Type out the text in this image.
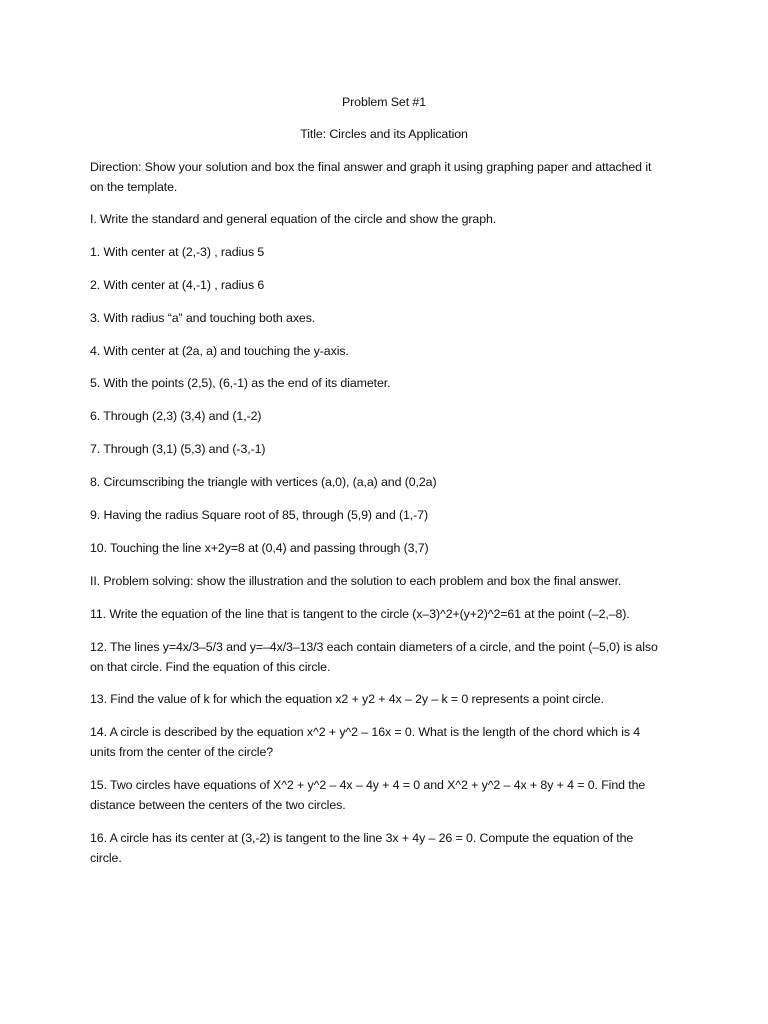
Problem Set #1
Title: Circles and its Application
Direction: Show your solution and box the final answer and graph it using graphing paper and attached it on the template.
I. Write the standard and general equation of the circle and show the graph.
1. With center at (2,-3) , radius 5
2. With center at (4,-1) , radius 6
3. With radius “a” and touching both axes.
4. With center at (2a, a) and touching the y-axis.
5. With the points (2,5), (6,-1) as the end of its diameter.
6. Through (2,3) (3,4) and (1,-2)
7. Through (3,1) (5,3) and (-3,-1)
8. Circumscribing the triangle with vertices (a,0), (a,a) and (0,2a)
9. Having the radius Square root of 85, through (5,9) and (1,-7)
10. Touching the line x+2y=8 at (0,4) and passing through (3,7)
II. Problem solving: show the illustration and the solution to each problem and box the final answer.
11. Write the equation of the line that is tangent to the circle (x–3)^2+(y+2)^2=61 at the point (–2,–8).
12. The lines y=4x/3–5/3 and y=–4x/3–13/3 each contain diameters of a circle, and the point (–5,0) is also on that circle. Find the equation of this circle.
13. Find the value of k for which the equation x2 + y2 + 4x – 2y – k = 0 represents a point circle.
14. A circle is described by the equation x^2 + y^2 – 16x = 0. What is the length of the chord which is 4 units from the center of the circle?
15. Two circles have equations of X^2 + y^2 – 4x – 4y + 4 = 0 and X^2 + y^2 – 4x + 8y + 4 = 0. Find the distance between the centers of the two circles.
16. A circle has its center at (3,-2) is tangent to the line 3x + 4y – 26 = 0. Compute the equation of the circle.
